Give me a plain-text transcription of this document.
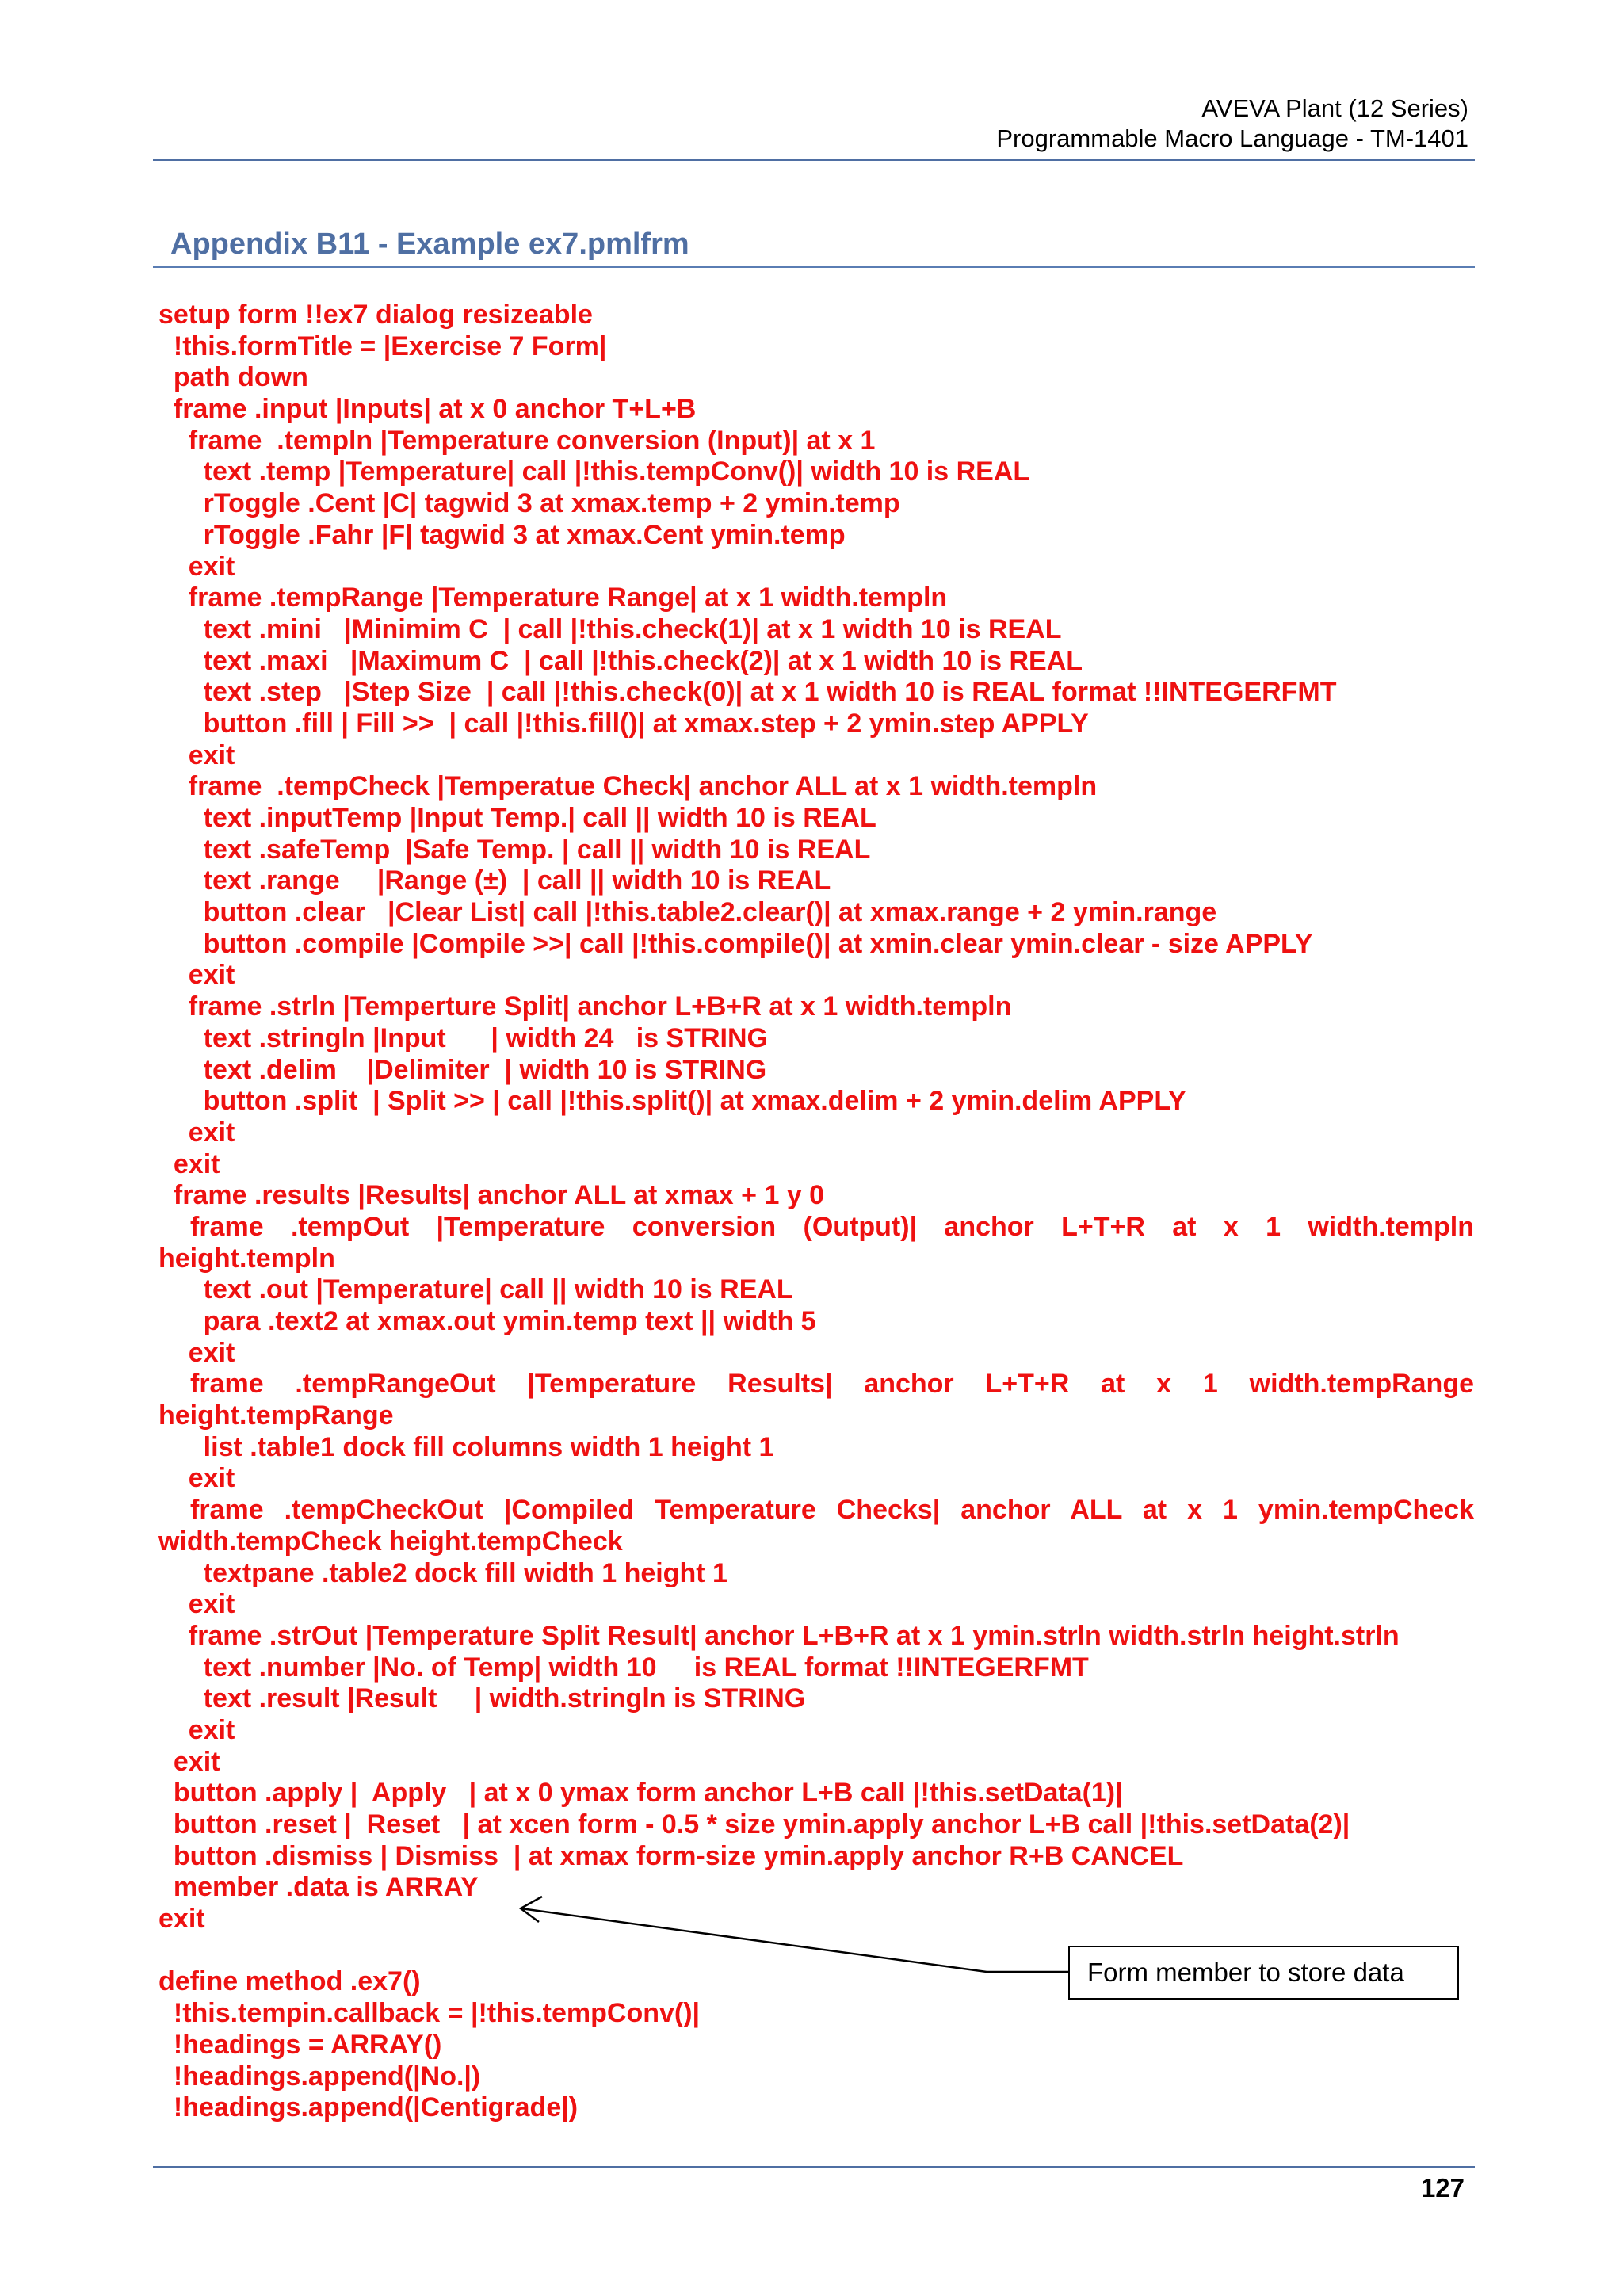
AVEVA Plant (12 Series)
Programmable Macro Language - TM-1401
Appendix B11 - Example ex7.pmlfrm
setup form !!ex7 dialog resizeable
!this.formTitle = |Exercise 7 Form|
path down
frame .input |Inputs| at x 0 anchor T+L+B
frame  .templn |Temperature conversion (Input)| at x 1
text .temp |Temperature| call |!this.tempConv()| width 10 is REAL
rToggle .Cent |C| tagwid 3 at xmax.temp + 2 ymin.temp
rToggle .Fahr |F| tagwid 3 at xmax.Cent ymin.temp
exit
frame .tempRange |Temperature Range| at x 1 width.templn
text .mini   |Minimim C  | call |!this.check(1)| at x 1 width 10 is REAL
text .maxi   |Maximum C  | call |!this.check(2)| at x 1 width 10 is REAL
text .step   |Step Size  | call |!this.check(0)| at x 1 width 10 is REAL format !!INTEGERFMT
button .fill | Fill >>  | call |!this.fill()| at xmax.step + 2 ymin.step APPLY
exit
frame  .tempCheck |Temperatue Check| anchor ALL at x 1 width.templn
text .inputTemp |Input Temp.| call || width 10 is REAL
text .safeTemp  |Safe Temp. | call || width 10 is REAL
text .range     |Range (±)  | call || width 10 is REAL
button .clear   |Clear List| call |!this.table2.clear()| at xmax.range + 2 ymin.range
button .compile |Compile >>| call |!this.compile()| at xmin.clear ymin.clear - size APPLY
exit
frame .strln |Temperture Split| anchor L+B+R at x 1 width.templn
text .stringln |Input      | width 24   is STRING
text .delim    |Delimiter  | width 10 is STRING
button .split  | Split >> | call |!this.split()| at xmax.delim + 2 ymin.delim APPLY
exit
exit
frame .results |Results| anchor ALL at xmax + 1 y 0
frame .tempOut |Temperature conversion (Output)| anchor L+T+R at x 1 width.templn
height.templn
text .out |Temperature| call || width 10 is REAL
para .text2 at xmax.out ymin.temp text || width 5
exit
frame .tempRangeOut |Temperature Results| anchor L+T+R at x 1 width.tempRange
height.tempRange
list .table1 dock fill columns width 1 height 1
exit
frame .tempCheckOut |Compiled Temperature Checks| anchor ALL at x 1 ymin.tempCheck
width.tempCheck height.tempCheck
textpane .table2 dock fill width 1 height 1
exit
frame .strOut |Temperature Split Result| anchor L+B+R at x 1 ymin.strln width.strln height.strln
text .number |No. of Temp| width 10     is REAL format !!INTEGERFMT
text .result |Result     | width.stringln is STRING
exit
exit
button .apply |  Apply   | at x 0 ymax form anchor L+B call |!this.setData(1)|
button .reset |  Reset   | at xcen form - 0.5 * size ymin.apply anchor L+B call |!this.setData(2)|
button .dismiss | Dismiss  | at xmax form-size ymin.apply anchor R+B CANCEL
member .data is ARRAY
exit
define method .ex7()
!this.tempin.callback = |!this.tempConv()|
!headings = ARRAY()
!headings.append(|No.|)
!headings.append(|Centigrade|)
Form member to store data
127
